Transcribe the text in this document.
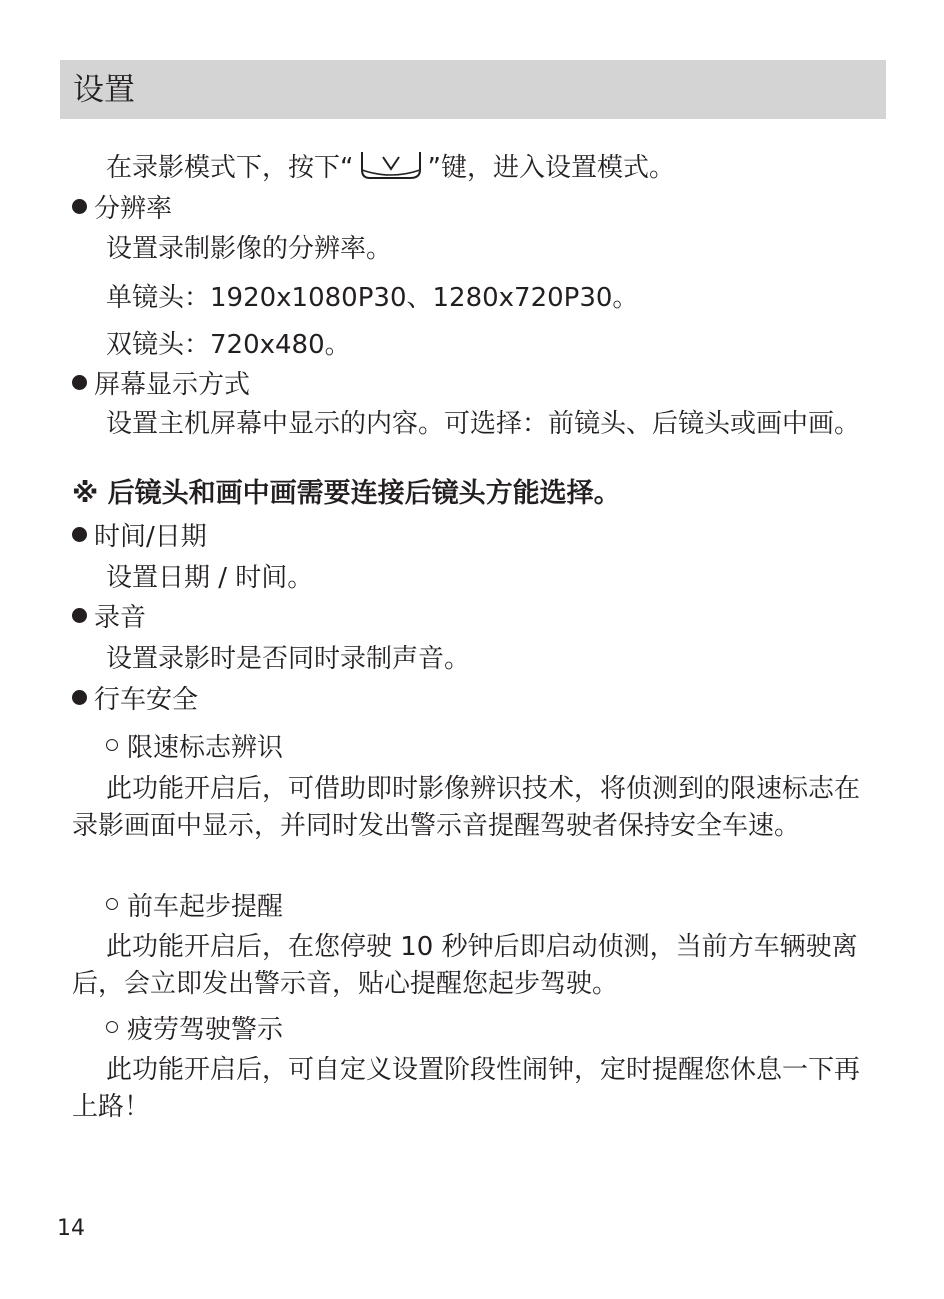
设置
在录影模式下，按下“	”键，进入设置模式。
分辨率
设置录制影像的分辨率。
单镜头：1920x1080P30、1280x720P30。
双镜头：720x480。
屏幕显示方式
设置主机屏幕中显示的内容。可选择：前镜头、后镜头或画中画。
※ 后镜头和画中画需要连接后镜头方能选择。
时间/日期
设置日期 / 时间。
录音
设置录影时是否同时录制声音。
行车安全
限速标志辨识
此功能开启后，可借助即时影像辨识技术，将侦测到的限速标志在录影画面中显示，并同时发出警示音提醒驾驶者保持安全车速。
前车起步提醒
此功能开启后，在您停驶 10 秒钟后即启动侦测，当前方车辆驶离后，会立即发出警示音，贴心提醒您起步驾驶。
疲劳驾驶警示
此功能开启后，可自定义设置阶段性闹钟，定时提醒您休息一下再上路！
14
